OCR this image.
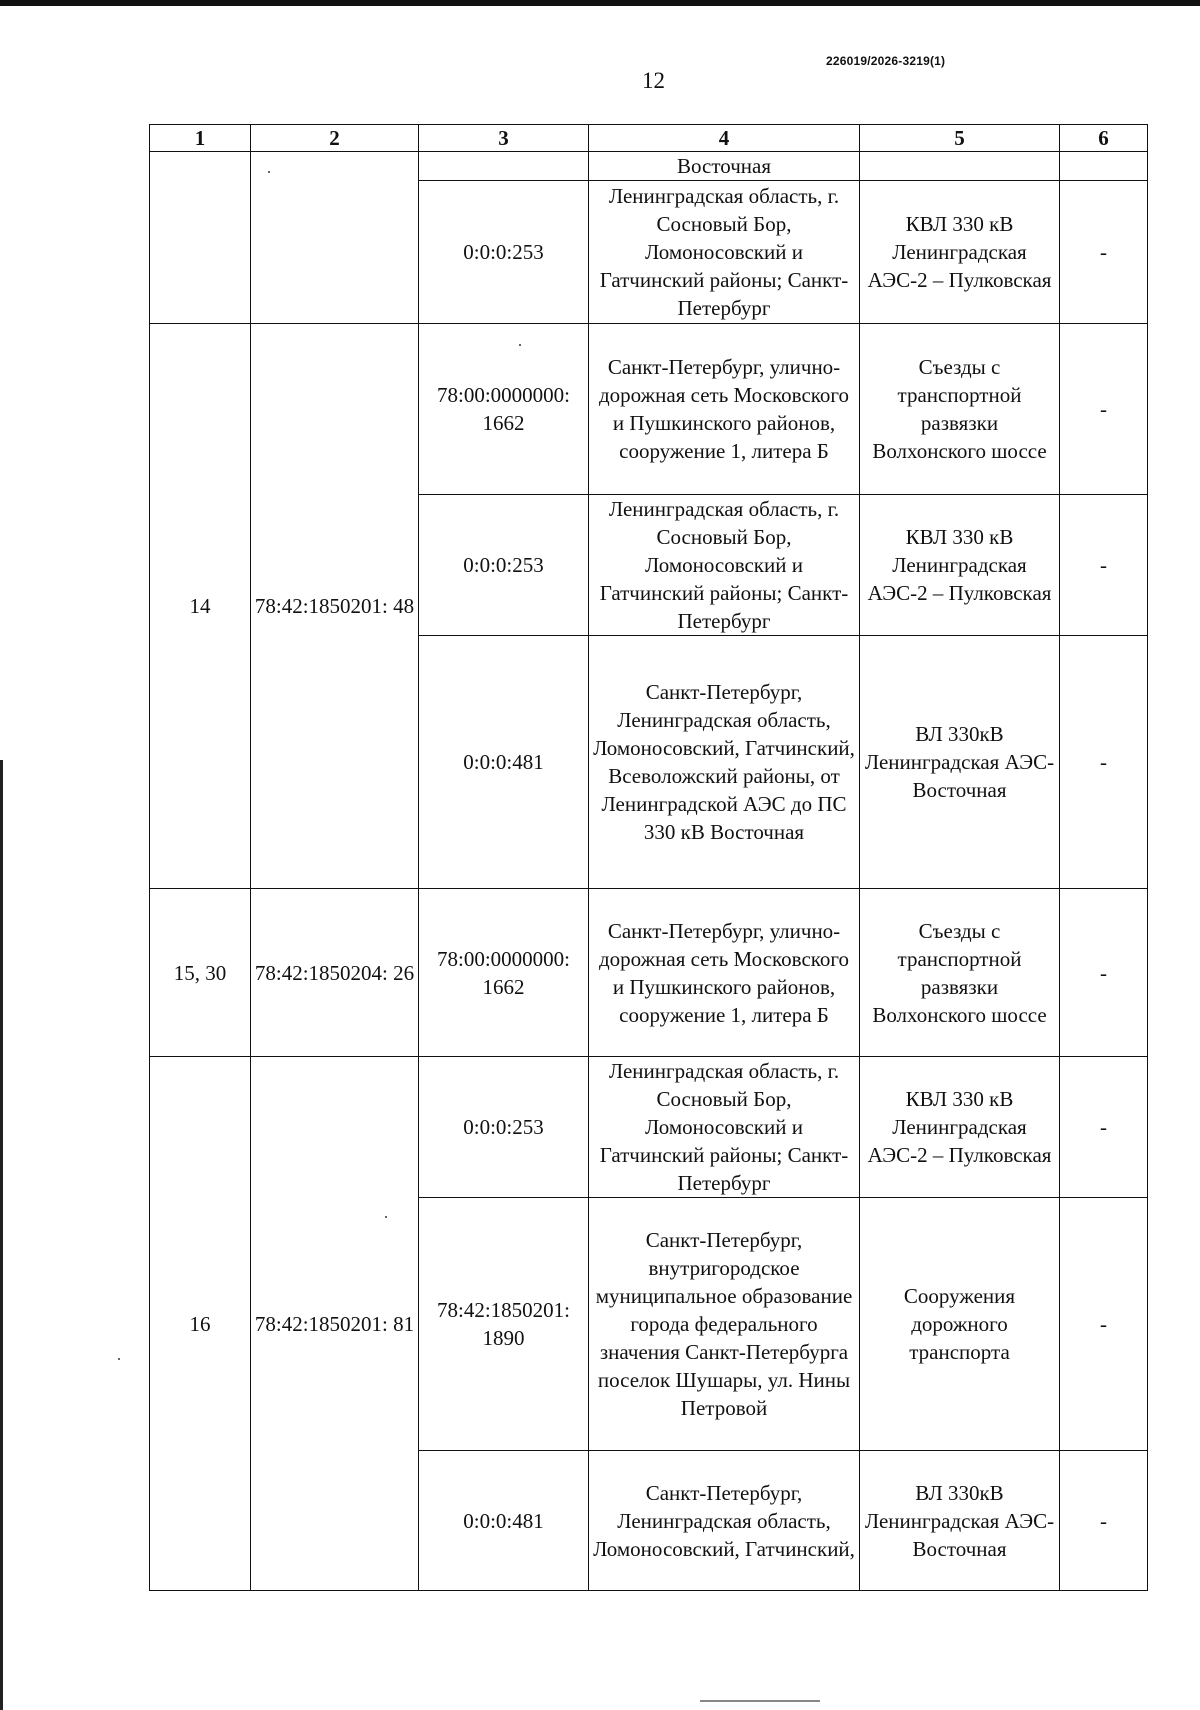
226019/2026-3219(1)
12
1	2	3	4	5	6
			Восточная		
		0:0:0:253	Ленинградская область, г. Сосновый Бор, Ломоносовский и Гатчинский районы; Санкт-Петербург	КВЛ 330 кВ Ленинградская АЭС-2 – Пулковская	-
14	78:42:1850201: 48	78:00:0000000: 1662	Санкт-Петербург, улично-дорожная сеть Московского и Пушкинского районов, сооружение 1, литера Б	Съезды с транспортной развязки Волхонского шоссе	-
		0:0:0:253	Ленинградская область, г. Сосновый Бор, Ломоносовский и Гатчинский районы; Санкт-Петербург	КВЛ 330 кВ Ленинградская АЭС-2 – Пулковская	-
		0:0:0:481	Санкт-Петербург, Ленинградская область, Ломоносовский, Гатчинский, Всеволожский районы, от Ленинградской АЭС до ПС 330 кВ Восточная	ВЛ 330кВ Ленинградская АЭС-Восточная	-
15, 30	78:42:1850204: 26	78:00:0000000: 1662	Санкт-Петербург, улично-дорожная сеть Московского и Пушкинского районов, сооружение 1, литера Б	Съезды с транспортной развязки Волхонского шоссе	-
16	78:42:1850201: 81	0:0:0:253	Ленинградская область, г. Сосновый Бор, Ломоносовский и Гатчинский районы; Санкт-Петербург	КВЛ 330 кВ Ленинградская АЭС-2 – Пулковская	-
		78:42:1850201: 1890	Санкт-Петербург, внутригородское муниципальное образование города федерального значения Санкт-Петербурга поселок Шушары, ул. Нины Петровой	Сооружения дорожного транспорта	-
		0:0:0:481	Санкт-Петербург, Ленинградская область, Ломоносовский, Гатчинский,	ВЛ 330кВ Ленинградская АЭС-Восточная	-
